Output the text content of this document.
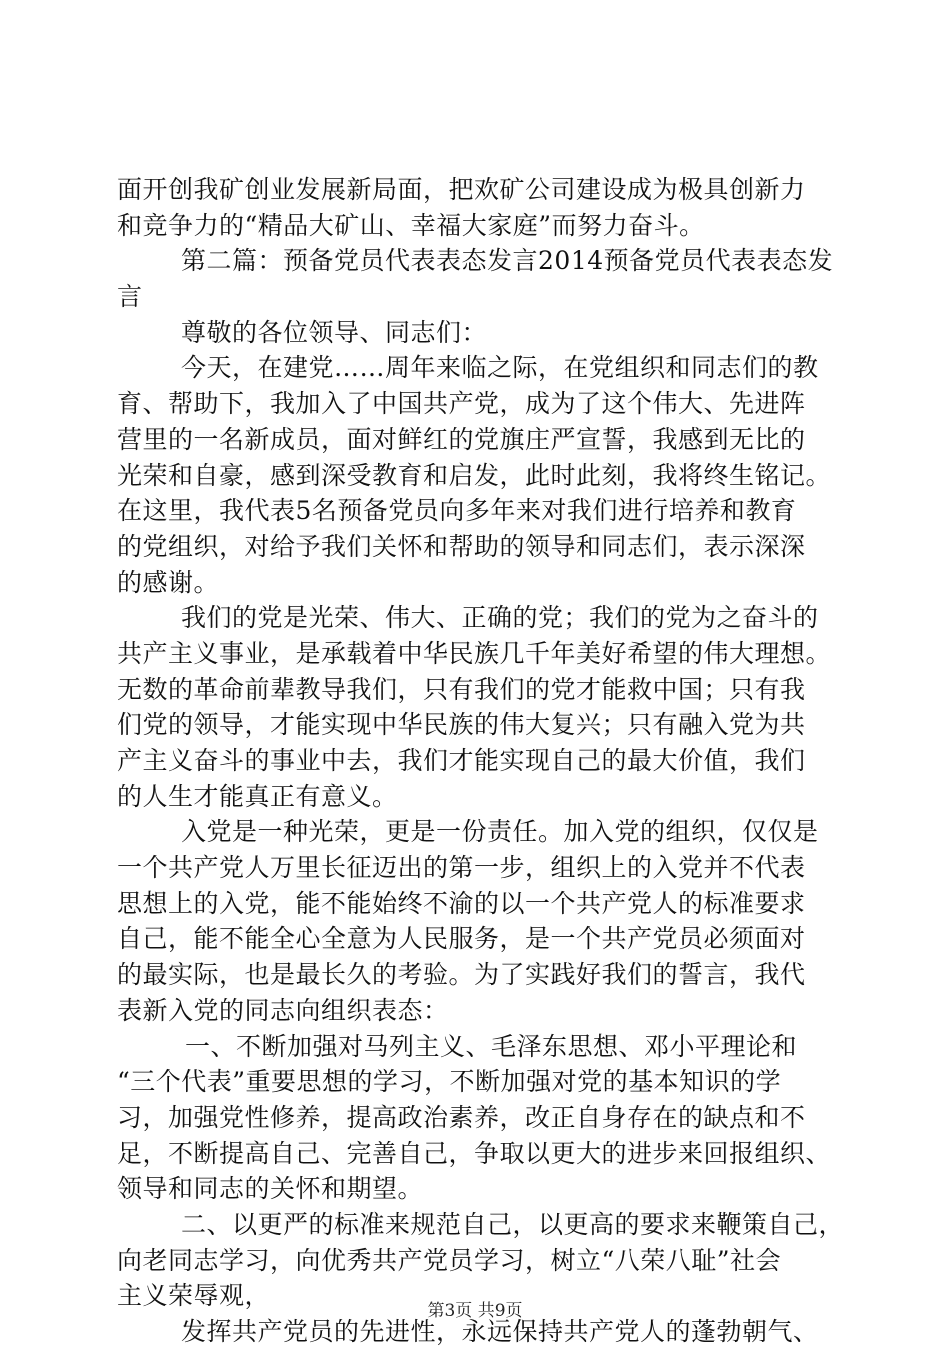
面开创我矿创业发展新局面，把欢矿公司建设成为极具创新力
和竞争力的“精品大矿山、幸福大家庭”而努力奋斗。
第二篇：预备党员代表表态发言2014预备党员代表表态发
言
尊敬的各位领导、同志们：
今天，在建党……周年来临之际，在党组织和同志们的教
育、帮助下，我加入了中国共产党，成为了这个伟大、先进阵
营里的一名新成员，面对鲜红的党旗庄严宣誓，我感到无比的
光荣和自豪，感到深受教育和启发，此时此刻，我将终生铭记。
在这里，我代表5名预备党员向多年来对我们进行培养和教育
的党组织，对给予我们关怀和帮助的领导和同志们，表示深深
的感谢。
我们的党是光荣、伟大、正确的党；我们的党为之奋斗的
共产主义事业，是承载着中华民族几千年美好希望的伟大理想。
无数的革命前辈教导我们，只有我们的党才能救中国；只有我
们党的领导，才能实现中华民族的伟大复兴；只有融入党为共
产主义奋斗的事业中去，我们才能实现自己的最大价值，我们
的人生才能真正有意义。
入党是一种光荣，更是一份责任。加入党的组织，仅仅是
一个共产党人万里长征迈出的第一步，组织上的入党并不代表
思想上的入党，能不能始终不渝的以一个共产党人的标准要求
自己，能不能全心全意为人民服务，是一个共产党员必须面对
的最实际，也是最长久的考验。为了实践好我们的誓言，我代
表新入党的同志向组织表态：
一、不断加强对马列主义、毛泽东思想、邓小平理论和
“三个代表”重要思想的学习，不断加强对党的基本知识的学
习，加强党性修养，提高政治素养，改正自身存在的缺点和不
足，不断提高自己、完善自己，争取以更大的进步来回报组织、
领导和同志的关怀和期望。
二、以更严的标准来规范自己，以更高的要求来鞭策自己，
向老同志学习，向优秀共产党员学习，树立“八荣八耻”社会
主义荣辱观，
发挥共产党员的先进性，永远保持共产党人的蓬勃朝气、
第3页 共9页
